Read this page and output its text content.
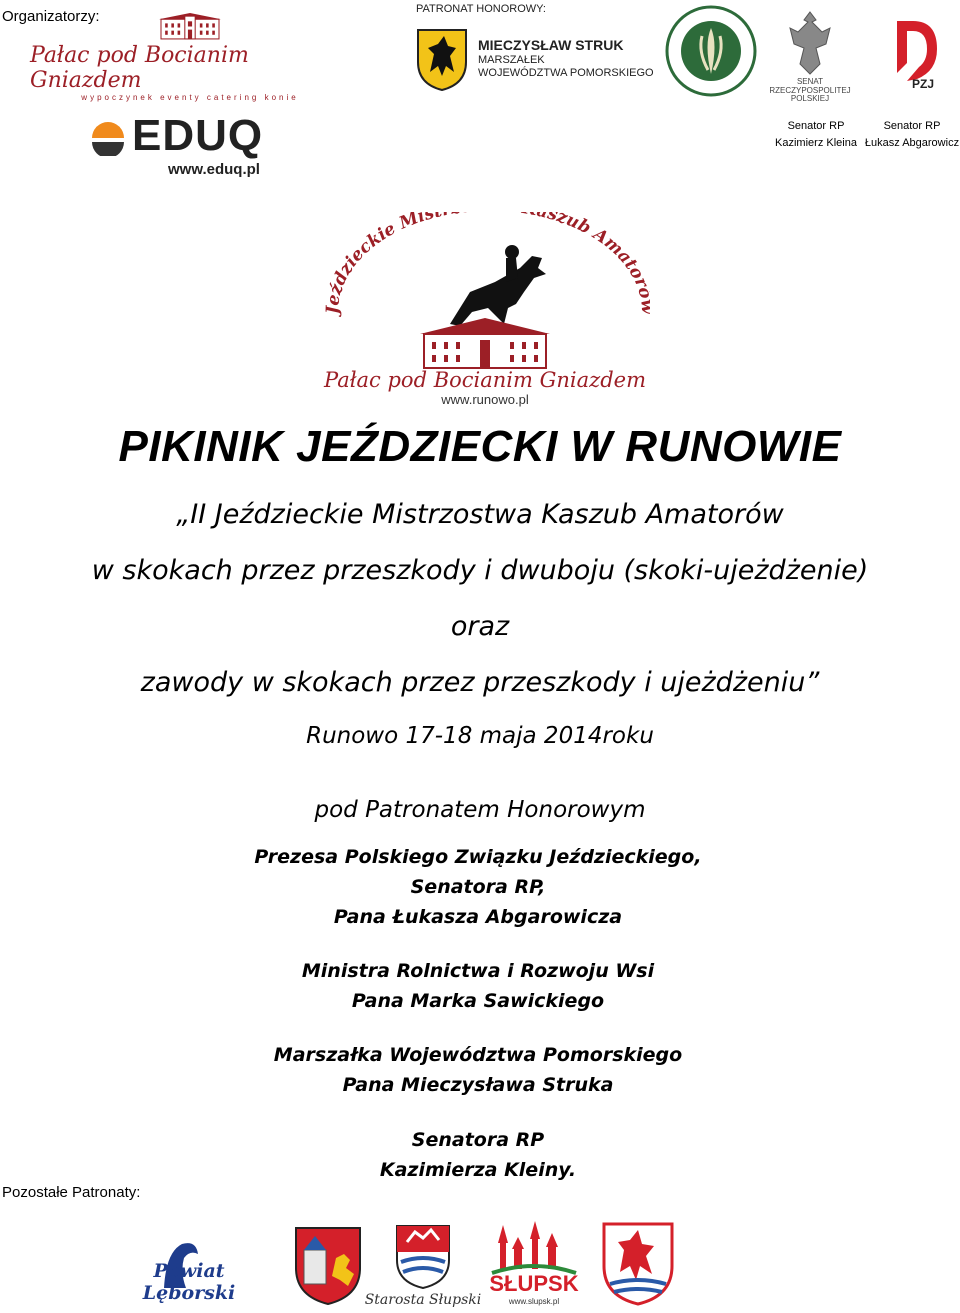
Organizatorzy:
Pałac pod Bocianim Gniazdem
wypoczynek eventy catering konie
EDUQ
www.eduq.pl
PATRONAT HONOROWY:
MIECZYSŁAW STRUK
MARSZAŁEK
WOJEWÓDZTWA POMORSKIEGO
SENAT
RZECZYPOSPOLITEJ
POLSKIEJ
PZJ
Senator RP
Kazimierz Kleina
Senator RP
Łukasz Abgarowicz
Jeździeckie Mis szub Amator
Pałac pod Bocianim Gniazdem
www.runowo.pl
PIKINIK JEŹDZIECKI W RUNOWIE
„II Jeździeckie Mistrzostwa Kaszub Amatorów
w skokach przez przeszkody i dwuboju (skoki-ujeżdżenie)
oraz
zawody w skokach przez przeszkody i ujeżdżeniu”
Runowo 17-18 maja 2014roku
pod Patronatem Honorowym
Prezesa Polskiego Związku Jeździeckiego,
Senatora RP,
Pana Łukasza Abgarowicza
Ministra Rolnictwa i Rozwoju Wsi
Pana Marka Sawickiego
Marszałka Województwa Pomorskiego
Pana Mieczysława Struka
Senatora RP
Kazimierza Kleiny.
Pozostałe Patronaty:
Powiat Lęborski	Starosta Słupski
SŁUPSK
www.slupsk.pl
